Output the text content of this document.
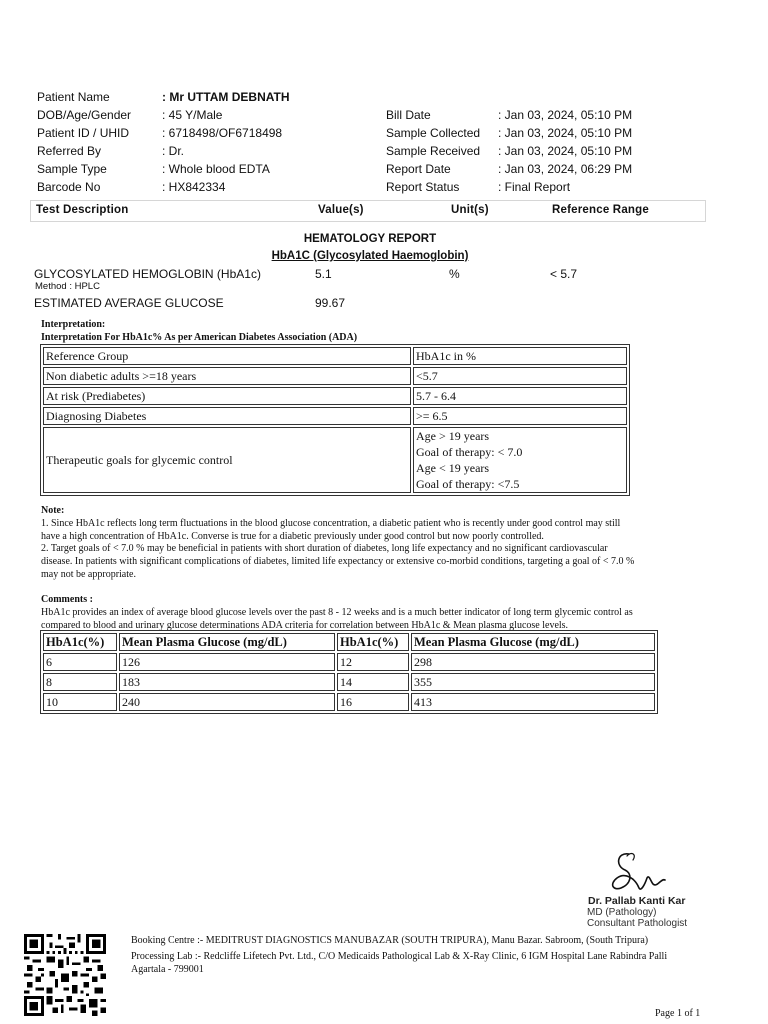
Patient Name	: Mr UTTAM DEBNATH
DOB/Age/Gender	: 45 Y/Male
Patient ID / UHID	: 6718498/OF6718498
Referred By	: Dr.
Sample Type	: Whole blood EDTA
Barcode No	: HX842334
Bill Date	: Jan 03, 2024, 05:10 PM
Sample Collected : Jan 03, 2024, 05:10 PM
Sample Received : Jan 03, 2024, 05:10 PM
Report Date	: Jan 03, 2024, 06:29 PM
Report Status	: Final Report
Test Description	Value(s)	Unit(s)	Reference Range
HEMATOLOGY REPORT
HbA1C (Glycosylated Haemoglobin)
GLYCOSYLATED HEMOGLOBIN (HbA1c)
Method : HPLC
5.1	%	< 5.7
ESTIMATED AVERAGE GLUCOSE	99.67
Interpretation:
Interpretation For HbA1c% As per American Diabetes Association (ADA)
Reference Group	HbA1c in %
Non diabetic adults >=18 years	<5.7
At risk (Prediabetes)	5.7 - 6.4
Diagnosing Diabetes	>= 6.5
Therapeutic goals for glycemic control	Age > 19 years
Goal of therapy: < 7.0
Age < 19 years
Goal of therapy: <7.5
Note:
1. Since HbA1c reflects long term fluctuations in the blood glucose concentration, a diabetic patient who is recently under good control may still
have a high concentration of HbA1c. Converse is true for a diabetic previously under good control but now poorly controlled.
2. Target goals of < 7.0 % may be beneficial in patients with short duration of diabetes, long life expectancy and no significant cardiovascular
disease. In patients with significant complications of diabetes, limited life expectancy or extensive co-morbid conditions, targeting a goal of < 7.0 %
may not be appropriate.
Comments :
HbA1c provides an index of average blood glucose levels over the past 8 - 12 weeks and is a much better indicator of long term glycemic control as
compared to blood and urinary glucose determinations ADA criteria for correlation between HbA1c & Mean plasma glucose levels.
HbA1c(%)	Mean Plasma Glucose (mg/dL)	HbA1c(%)	Mean Plasma Glucose (mg/dL)
6	126	12	298
8	183	14	355
10	240	16	413
Dr. Pallab Kanti Kar
MD (Pathology)
Consultant Pathologist
Booking Centre :- MEDITRUST DIAGNOSTICS MANUBAZAR (SOUTH TRIPURA), Manu Bazar. Sabroom, (South Tripura)
Processing Lab :- Redcliffe Lifetech Pvt. Ltd., C/O Medicaids Pathological Lab & X-Ray Clinic, 6 IGM Hospital Lane Rabindra Palli
Agartala - 799001
Page 1 of 1
